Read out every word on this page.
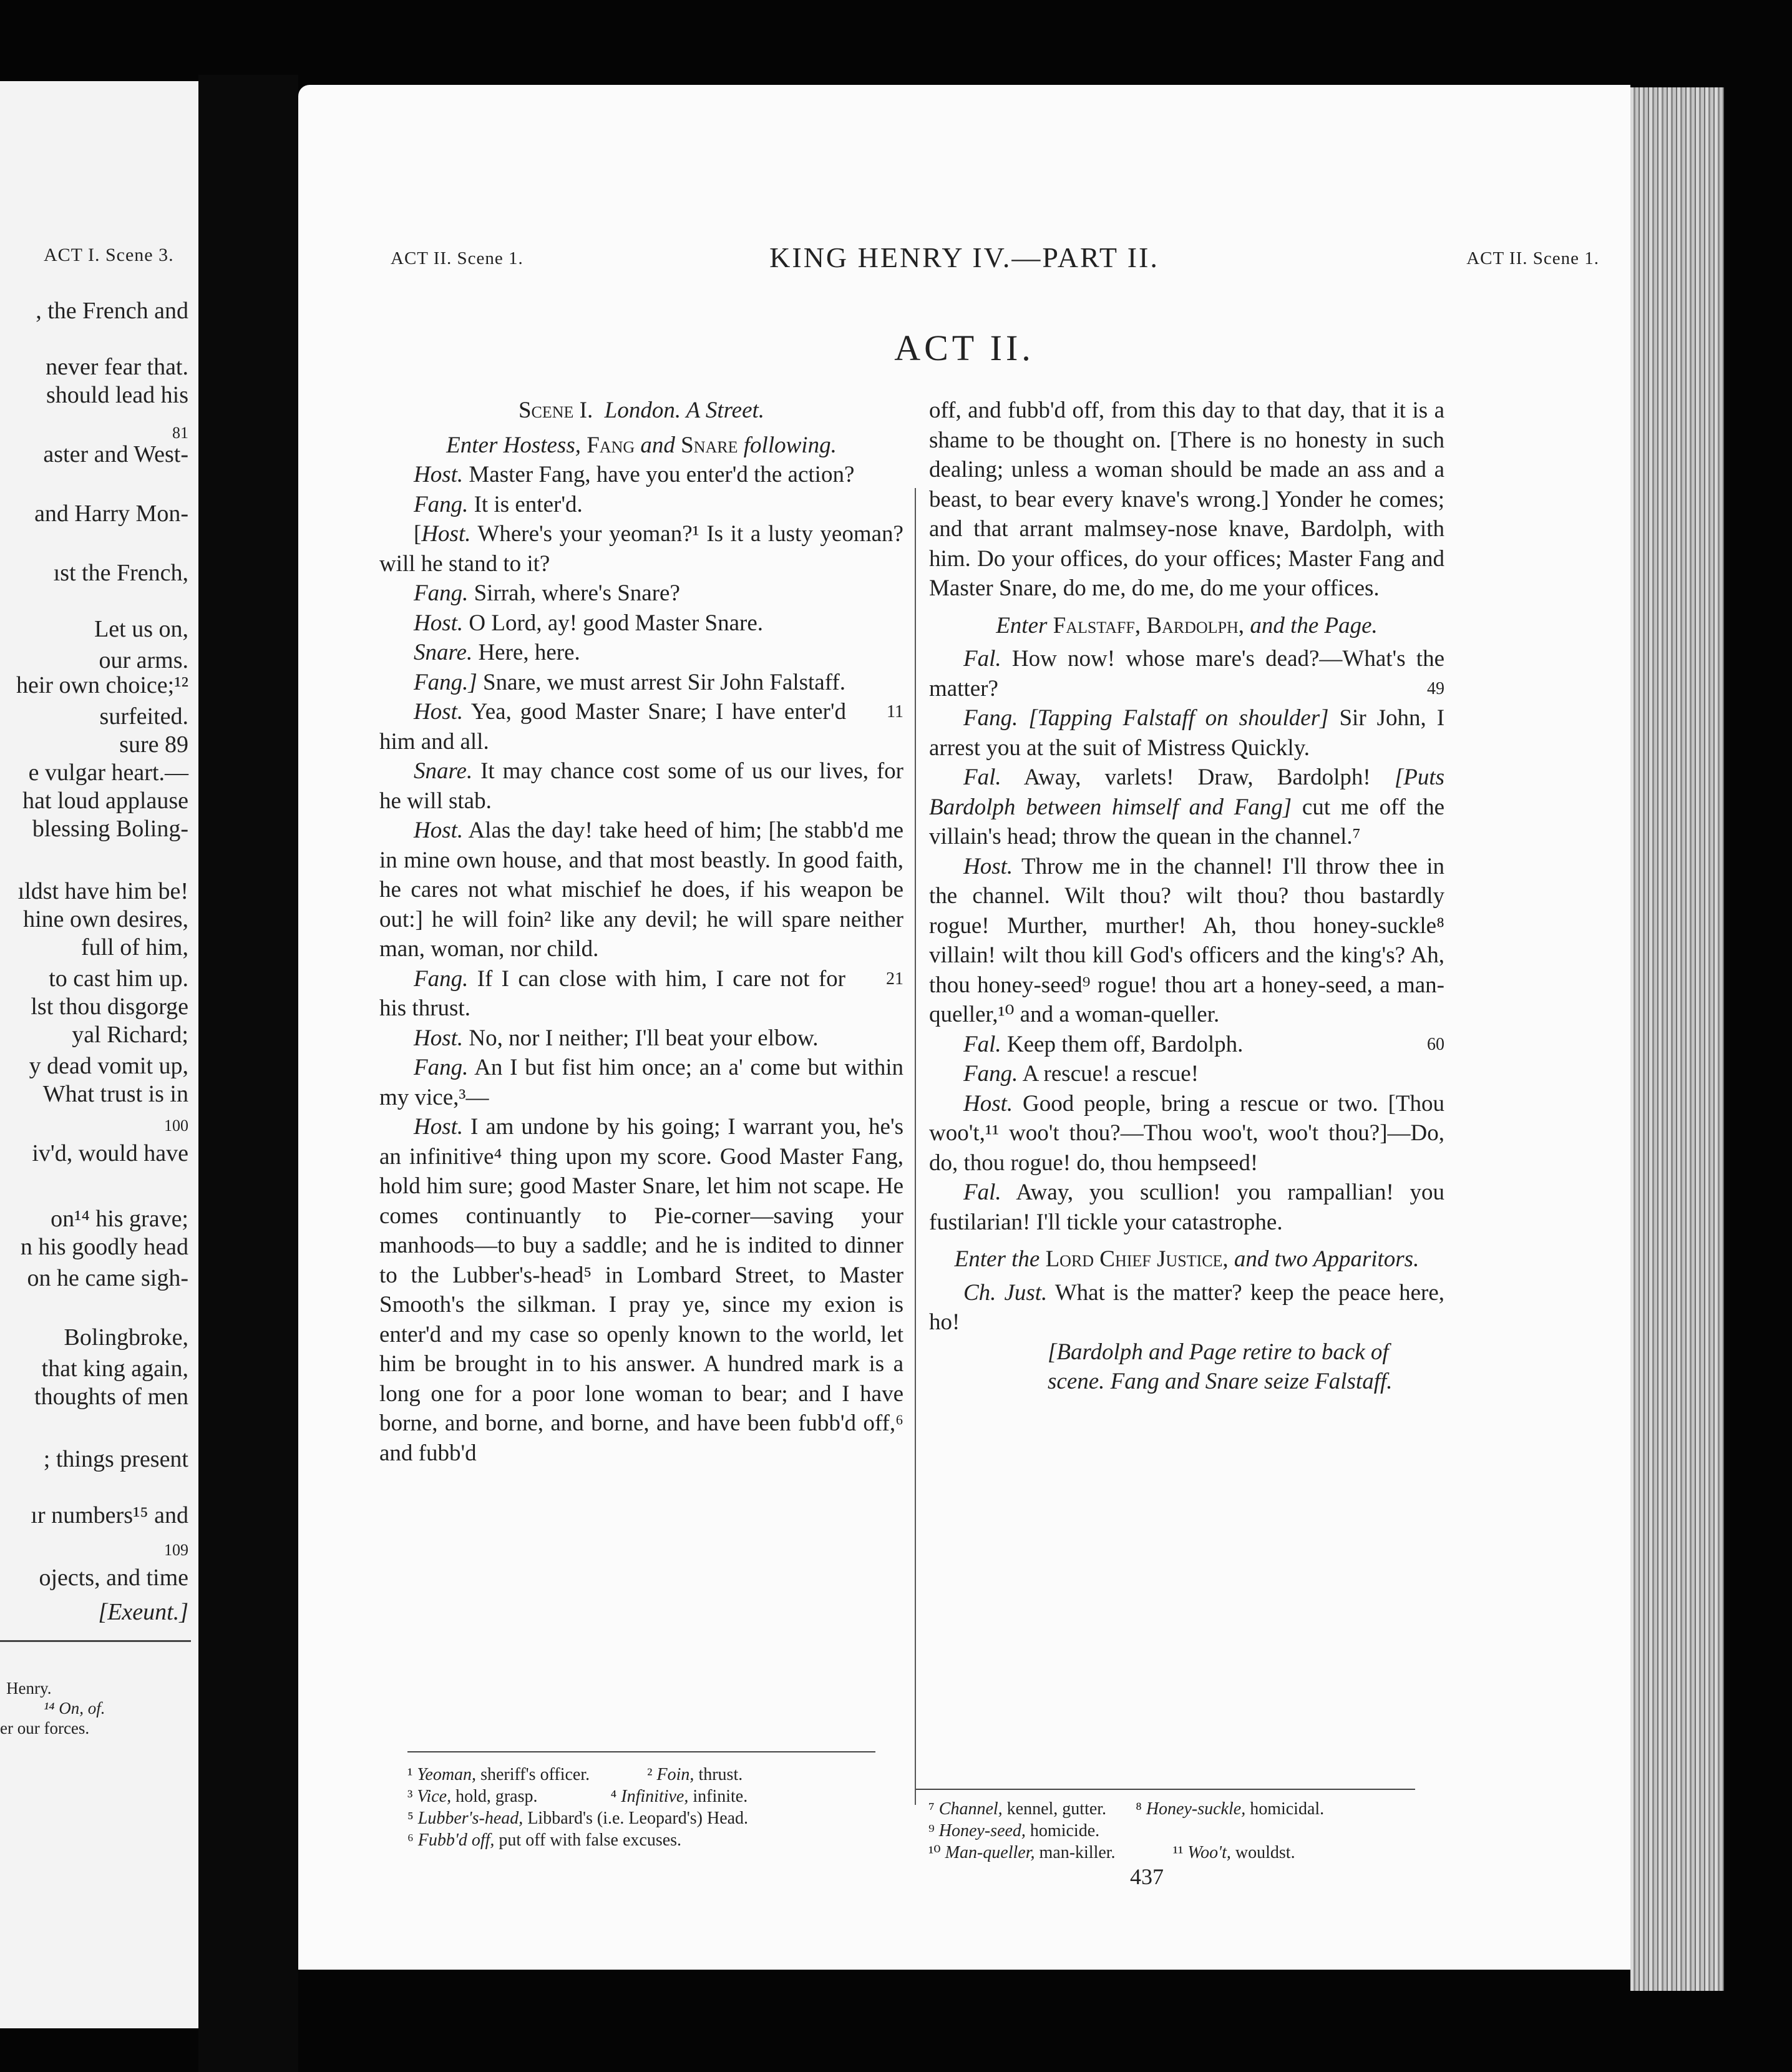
ACT I. Scene 3.
, the French and
never fear that.
should lead his
81
aster and West-
and Harry Mon-
ıst the French,
Let us on,
our arms.
heir own choice;¹²
surfeited.
sure 89
e vulgar heart.—
hat loud applause
blessing Boling-
ıldst have him be!
hine own desires,
full of him,
to cast him up.
lst thou disgorge
yal Richard;
y dead vomit up,
What trust is in
100
iv'd, would have
on¹⁴ his grave;
n his goodly head
on he came sigh-
Bolingbroke,
that king again,
thoughts of men
; things present
ır numbers¹⁵ and
109
ojects, and time
[Exeunt.]
Henry.
¹⁴ On, of.
er our forces.
ACT II. Scene 1.	KING HENRY IV.—PART II.	ACT II. Scene 1.
ACT II.

Scene I. London. A Street.

Enter Hostess, Fang and Snare following.

Host. Master Fang, have you enter'd the action?

Fang. It is enter'd.

[Host. Where's your yeoman?¹ Is it a lusty yeoman? will he stand to it?

Fang. Sirrah, where's Snare?

Host. O Lord, ay! good Master Snare.

Snare. Here, here.

Fang.] Snare, we must arrest Sir John Falstaff.

11
Host. Yea, good Master Snare; I have enter'd him and all.

Snare. It may chance cost some of us our lives, for he will stab.

Host. Alas the day! take heed of him; [he stabb'd me in mine own house, and that most beastly. In good faith, he cares not what mischief he does, if his weapon be out:] he will foin² like any devil; he will spare neither man, woman, nor child.

21
Fang. If I can close with him, I care not for his thrust.

Host. No, nor I neither; I'll beat your elbow.

Fang. An I but fist him once; an a' come but within my vice,³—

Host. I am undone by his going; I warrant you, he's an infinitive⁴ thing upon my score. Good Master Fang, hold him sure; good Master Snare, let him not scape. He comes continuantly to Pie-corner—saving your manhoods—to buy a saddle; and he is indited to dinner to the Lubber's-head⁵ in Lombard Street, to Master Smooth's the silkman. I pray ye, since my exion is enter'd and my case so openly known to the world, let him be brought in to his answer. A hundred mark is a long one for a poor lone woman to bear; and I have borne, and borne, and borne, and have been fubb'd off,⁶ and fubb'd

off, and fubb'd off, from this day to that day, that it is a shame to be thought on. [There is no honesty in such dealing; unless a woman should be made an ass and a beast, to bear every knave's wrong.] Yonder he comes; and that arrant malmsey-nose knave, Bardolph, with him. Do your offices, do your offices; Master Fang and Master Snare, do me, do me, do me your offices.

Enter Falstaff, Bardolph, and the Page.

Fal. How now! whose mare's dead?—What's the matter?	49

Fang. [Tapping Falstaff on shoulder] Sir John, I arrest you at the suit of Mistress Quickly.

Fal. Away, varlets! Draw, Bardolph! [Puts Bardolph between himself and Fang] cut me off the villain's head; throw the quean in the channel.⁷

Host. Throw me in the channel! I'll throw thee in the channel. Wilt thou? wilt thou? thou bastardly rogue! Murther, murther! Ah, thou honey-suckle⁸ villain! wilt thou kill God's officers and the king's? Ah, thou honey-seed⁹ rogue! thou art a honey-seed, a man-queller,¹⁰ and a woman-queller.

Fal. Keep them off, Bardolph.	60

Fang. A rescue! a rescue!

Host. Good people, bring a rescue or two. [Thou woo't,¹¹ woo't thou?—Thou woo't, woo't thou?]—Do, do, thou rogue! do, thou hempseed!

Fal. Away, you scullion! you rampallian! you fustilarian! I'll tickle your catastrophe.

Enter the Lord Chief Justice, and two Apparitors.

Ch. Just. What is the matter? keep the peace here, ho!

[Bardolph and Page retire to back of scene. Fang and Snare seize Falstaff.

¹ Yeoman, sheriff's officer.	² Foin, thrust.
³ Vice, hold, grasp.	⁴ Infinitive, infinite.
⁵ Lubber's-head, Libbard's (i.e. Leopard's) Head.
⁶ Fubb'd off, put off with false excuses.
⁷ Channel, kennel, gutter. ⁸ Honey-suckle, homicidal.
⁹ Honey-seed, homicide.
¹⁰ Man-queller, man-killer.	¹¹ Woo't, wouldst.
437
